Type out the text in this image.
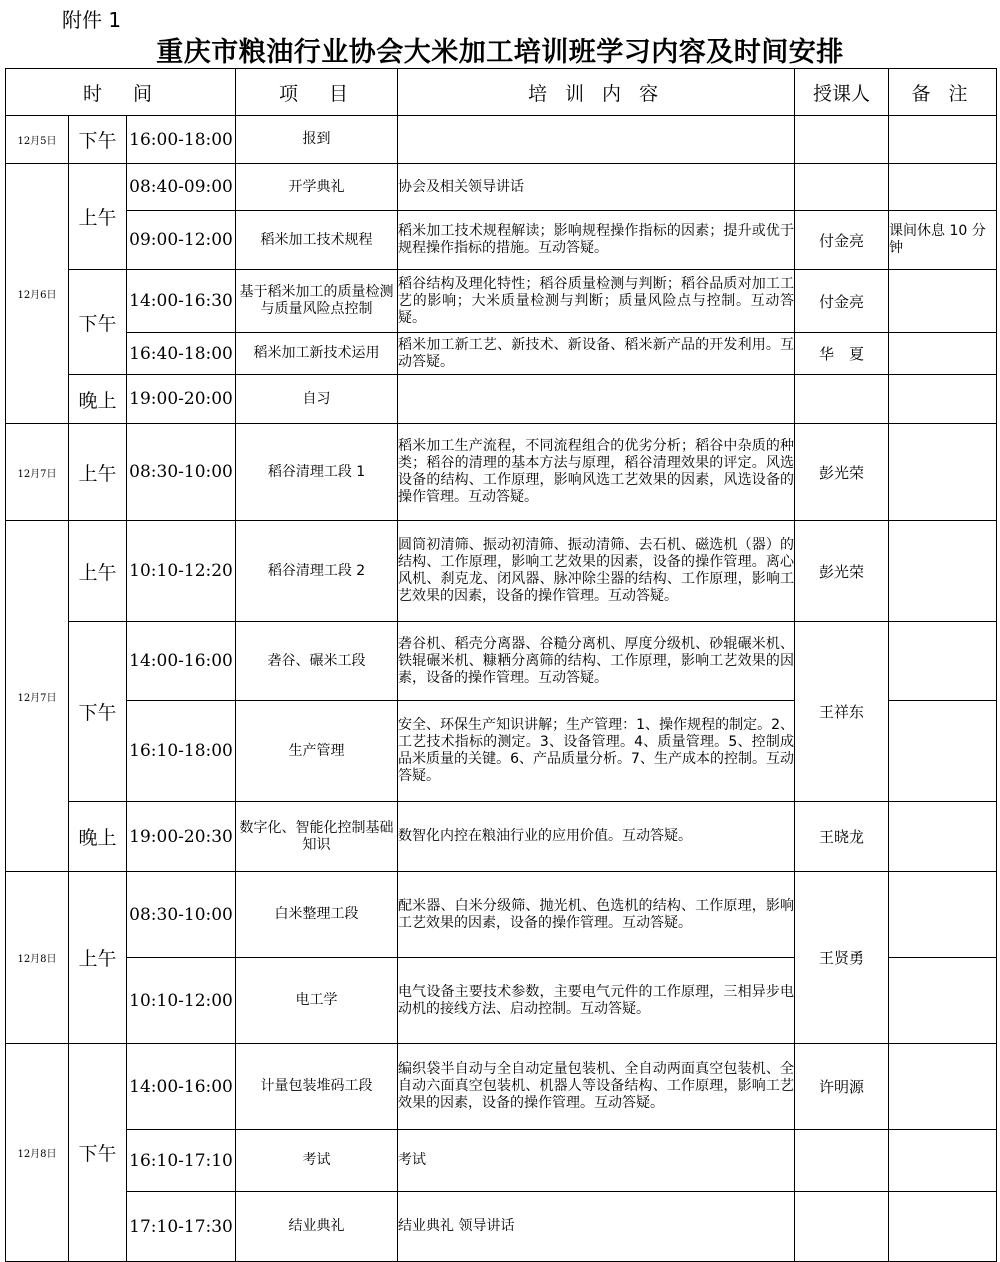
附件 1
重庆市粮油行业协会大米加工培训班学习内容及时间安排
时　间			项　目	培 训 内 容	授课人	备 注
12月5日	下午	16:00-18:00	报到			
12月6日	上午	08:40-09:00	开学典礼	协会及相关领导讲话		
		09:00-12:00	稻米加工技术规程	稻米加工技术规程解读；影响规程操作指标的因素；提升或优于规程操作指标的措施。互动答疑。	付金亮	课间休息 10 分钟
	下午	14:00-16:30	基于稻米加工的质量检测与质量风险点控制	稻谷结构及理化特性；稻谷质量检测与判断；稻谷品质对加工工艺的影响；大米质量检测与判断；质量风险点与控制。互动答疑。	付金亮	
		16:40-18:00	稻米加工新技术运用	稻米加工新工艺、新技术、新设备、稻米新产品的开发利用。互动答疑。	华　夏	
	晚上	19:00-20:00	自习			
12月7日	上午	08:30-10:00	稻谷清理工段 1	稻米加工生产流程，不同流程组合的优劣分析；稻谷中杂质的种类；稻谷的清理的基本方法与原理，稻谷清理效果的评定。风选设备的结构、工作原理，影响风选工艺效果的因素，风选设备的操作管理。互动答疑。	彭光荣	
12月7日	上午	10:10-12:20	稻谷清理工段 2	圆筒初清筛、振动初清筛、振动清筛、去石机、磁选机（器）的结构、工作原理，影响工艺效果的因素，设备的操作管理。离心风机、刹克龙、闭风器、脉冲除尘器的结构、工作原理，影响工艺效果的因素，设备的操作管理。互动答疑。	彭光荣	
	下午	14:00-16:00	砻谷、碾米工段	砻谷机、稻壳分离器、谷糙分离机、厚度分级机、砂辊碾米机、铁辊碾米机、糠粞分离筛的结构、工作原理，影响工艺效果的因素，设备的操作管理。互动答疑。	王祥东	
		16:10-18:00	生产管理	安全、环保生产知识讲解；生产管理：1、操作规程的制定。2、工艺技术指标的测定。3、设备管理。4、质量管理。5、控制成品米质量的关键。6、产品质量分析。7、生产成本的控制。互动答疑。		
	晚上	19:00-20:30	数字化、智能化控制基础知识	数智化内控在粮油行业的应用价值。互动答疑。	王晓龙	
12月8日	上午	08:30-10:00	白米整理工段	配米器、白米分级筛、抛光机、色选机的结构、工作原理，影响工艺效果的因素，设备的操作管理。互动答疑。	王贤勇	
		10:10-12:00	电工学	电气设备主要技术参数，主要电气元件的工作原理，三相异步电动机的接线方法、启动控制。互动答疑。		
12月8日	下午	14:00-16:00	计量包装堆码工段	编织袋半自动与全自动定量包装机、全自动两面真空包装机、全自动六面真空包装机、机器人等设备结构、工作原理，影响工艺效果的因素，设备的操作管理。互动答疑。	许明源	
		16:10-17:10	考试	考试		
		17:10-17:30	结业典礼	结业典礼 领导讲话		
